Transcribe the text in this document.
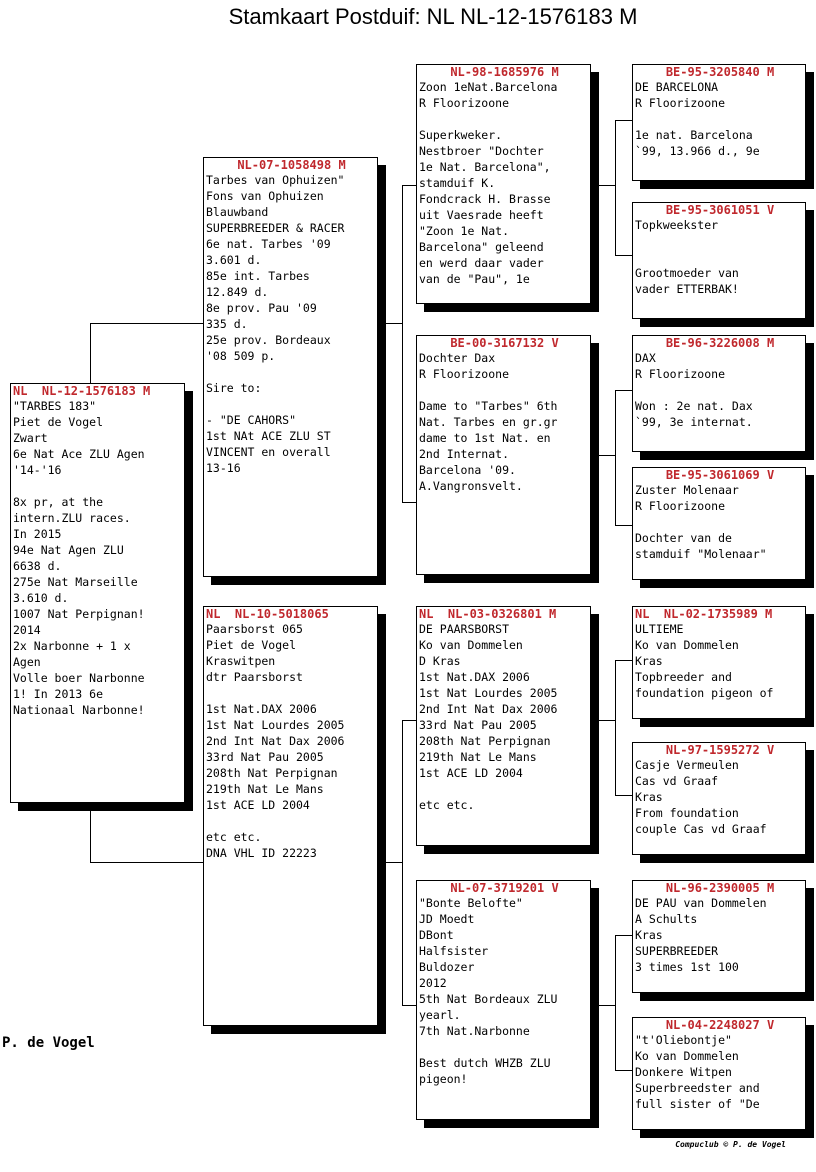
Stamkaart Postduif: NL NL-12-1576183 M
NL  NL-12-1576183 M
"TARBES 183"
Piet de Vogel
Zwart
6e Nat Ace ZLU Agen
'14-'16

8x pr, at the
intern.ZLU races.
In 2015
94e Nat Agen ZLU
6638 d.
275e Nat Marseille
3.610 d.
1007 Nat Perpignan!
2014
2x Narbonne + 1 x
Agen
Volle boer Narbonne
1! In 2013 6e
Nationaal Narbonne!
NL-07-1058498 M
Tarbes van Ophuizen"
Fons van Ophuizen
Blauwband
SUPERBREEDER & RACER
6e nat. Tarbes '09
3.601 d.
85e int. Tarbes
12.849 d.
8e prov. Pau '09
335 d.
25e prov. Bordeaux
'08 509 p.

Sire to:

- "DE CAHORS"
1st NAt ACE ZLU ST
VINCENT en overall
13-16
NL  NL-10-5018065
Paarsborst 065
Piet de Vogel
Kraswitpen
dtr Paarsborst

1st Nat.DAX 2006
1st Nat Lourdes 2005
2nd Int Nat Dax 2006
33rd Nat Pau 2005
208th Nat Perpignan
219th Nat Le Mans
1st ACE LD 2004

etc etc.
DNA VHL ID 22223
NL-98-1685976 M
Zoon 1eNat.Barcelona
R Floorizoone

Superkweker.
Nestbroer "Dochter
1e Nat. Barcelona",
stamduif K.
Fondcrack H. Brasse
uit Vaesrade heeft
"Zoon 1e Nat.
Barcelona" geleend
en werd daar vader
van de "Pau", 1e
BE-00-3167132 V
Dochter Dax
R Floorizoone

Dame to "Tarbes" 6th
Nat. Tarbes en gr.gr
dame to 1st Nat. en
2nd Internat.
Barcelona '09.
A.Vangronsvelt.
NL  NL-03-0326801 M
DE PAARSBORST
Ko van Dommelen
D Kras
1st Nat.DAX 2006
1st Nat Lourdes 2005
2nd Int Nat Dax 2006
33rd Nat Pau 2005
208th Nat Perpignan
219th Nat Le Mans
1st ACE LD 2004

etc etc.
NL-07-3719201 V
"Bonte Belofte"
JD Moedt
DBont
Halfsister
Buldozer
2012
5th Nat Bordeaux ZLU
yearl.
7th Nat.Narbonne

Best dutch WHZB ZLU
pigeon!
BE-95-3205840 M
DE BARCELONA
R Floorizoone

1e nat. Barcelona
`99, 13.966 d., 9e
BE-95-3061051 V
Topkweekster

Grootmoeder van
vader ETTERBAK!
BE-96-3226008 M
DAX
R Floorizoone

Won : 2e nat. Dax
`99, 3e internat.
BE-95-3061069 V
Zuster Molenaar
R Floorizoone

Dochter van de
stamduif "Molenaar"
NL  NL-02-1735989 M
ULTIEME
Ko van Dommelen
Kras
Topbreeder and
foundation pigeon of
NL-97-1595272 V
Casje Vermeulen
Cas vd Graaf
Kras
From foundation
couple Cas vd Graaf
NL-96-2390005 M
DE PAU van Dommelen
A Schults
Kras
SUPERBREEDER
3 times 1st 100
NL-04-2248027 V
"t'Oliebontje"
Ko van Dommelen
Donkere Witpen
Superbreedster and
full sister of "De
P. de Vogel
Compuclub © P. de Vogel
